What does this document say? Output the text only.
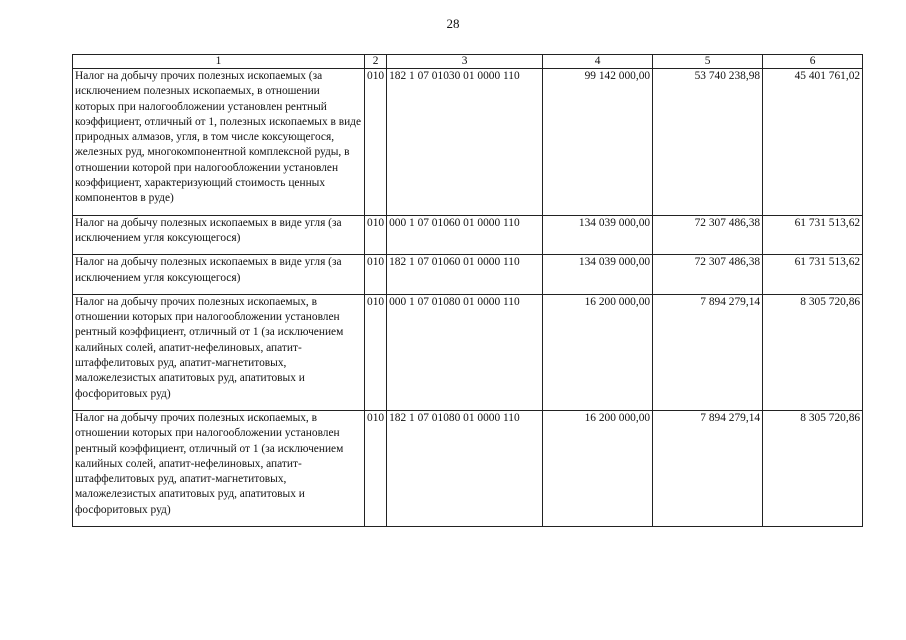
28
1	2	3	4	5	6
Налог на добычу прочих полезных ископаемых (за исключением полезных ископаемых, в отношении которых при налогообложении установлен рентный коэффициент, отличный от 1, полезных ископаемых в виде природных алмазов, угля, в том числе коксующегося, железных руд, многокомпонентной комплексной руды, в отношении которой при налогообложении установлен коэффициент, характеризующий стоимость ценных компонентов в руде)	010	182 1 07 01030 01 0000 110	99 142 000,00	53 740 238,98	45 401 761,02
Налог на добычу полезных ископаемых в виде угля (за исключением угля коксующегося)	010	000 1 07 01060 01 0000 110	134 039 000,00	72 307 486,38	61 731 513,62
Налог на добычу полезных ископаемых в виде угля (за исключением угля коксующегося)	010	182 1 07 01060 01 0000 110	134 039 000,00	72 307 486,38	61 731 513,62
Налог на добычу прочих полезных ископаемых, в отношении которых при налогообложении установлен рентный коэффициент, отличный от 1 (за исключением калийных солей, апатит-нефелиновых, апатит-штаффелитовых руд, апатит-магнетитовых, маложелезистых апатитовых руд, апатитовых и фосфоритовых руд)	010	000 1 07 01080 01 0000 110	16 200 000,00	7 894 279,14	8 305 720,86
Налог на добычу прочих полезных ископаемых, в отношении которых при налогообложении установлен рентный коэффициент, отличный от 1 (за исключением калийных солей, апатит-нефелиновых, апатит-штаффелитовых руд, апатит-магнетитовых, маложелезистых апатитовых руд, апатитовых и фосфоритовых руд)	010	182 1 07 01080 01 0000 110	16 200 000,00	7 894 279,14	8 305 720,86
